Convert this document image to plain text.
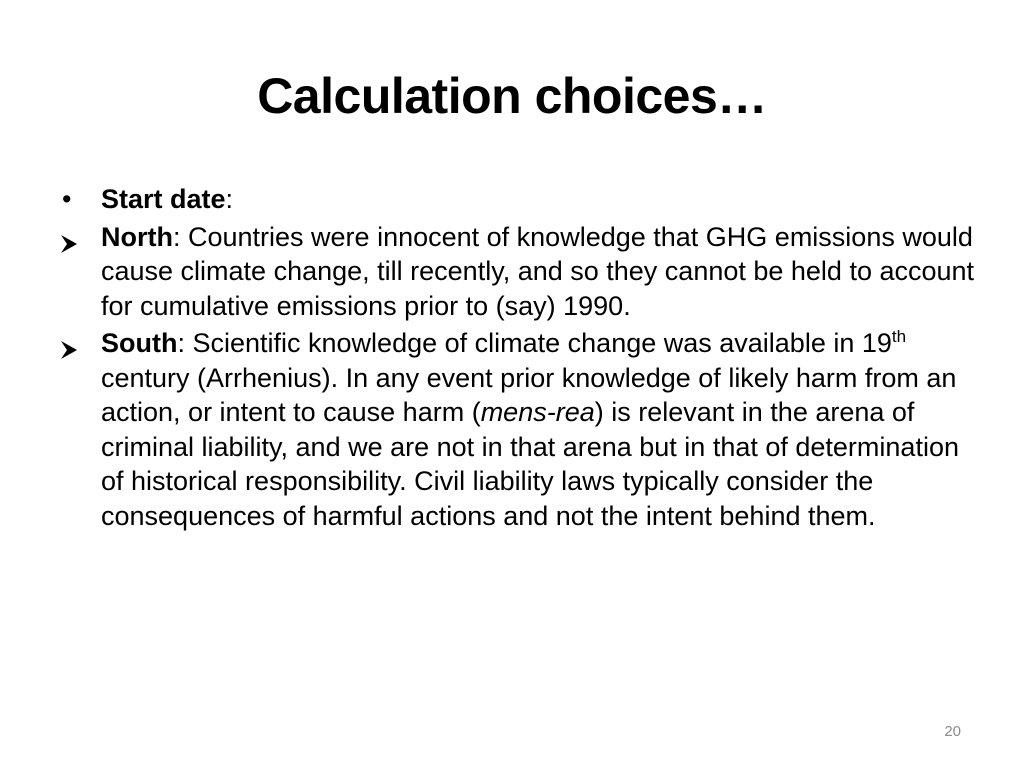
Calculation choices…
•	Start date:
North: Countries were innocent of knowledge that GHG emissions would cause climate change, till recently, and so they cannot be held to account for cumulative emissions prior to (say) 1990.
South: Scientific knowledge of climate change was available in 19th century (Arrhenius). In any event prior knowledge of likely harm from an action, or intent to cause harm (mens-rea) is relevant in the arena of criminal liability, and we are not in that arena but in that of determination of historical responsibility. Civil liability laws typically consider the consequences of harmful actions and not the intent behind them.
20
